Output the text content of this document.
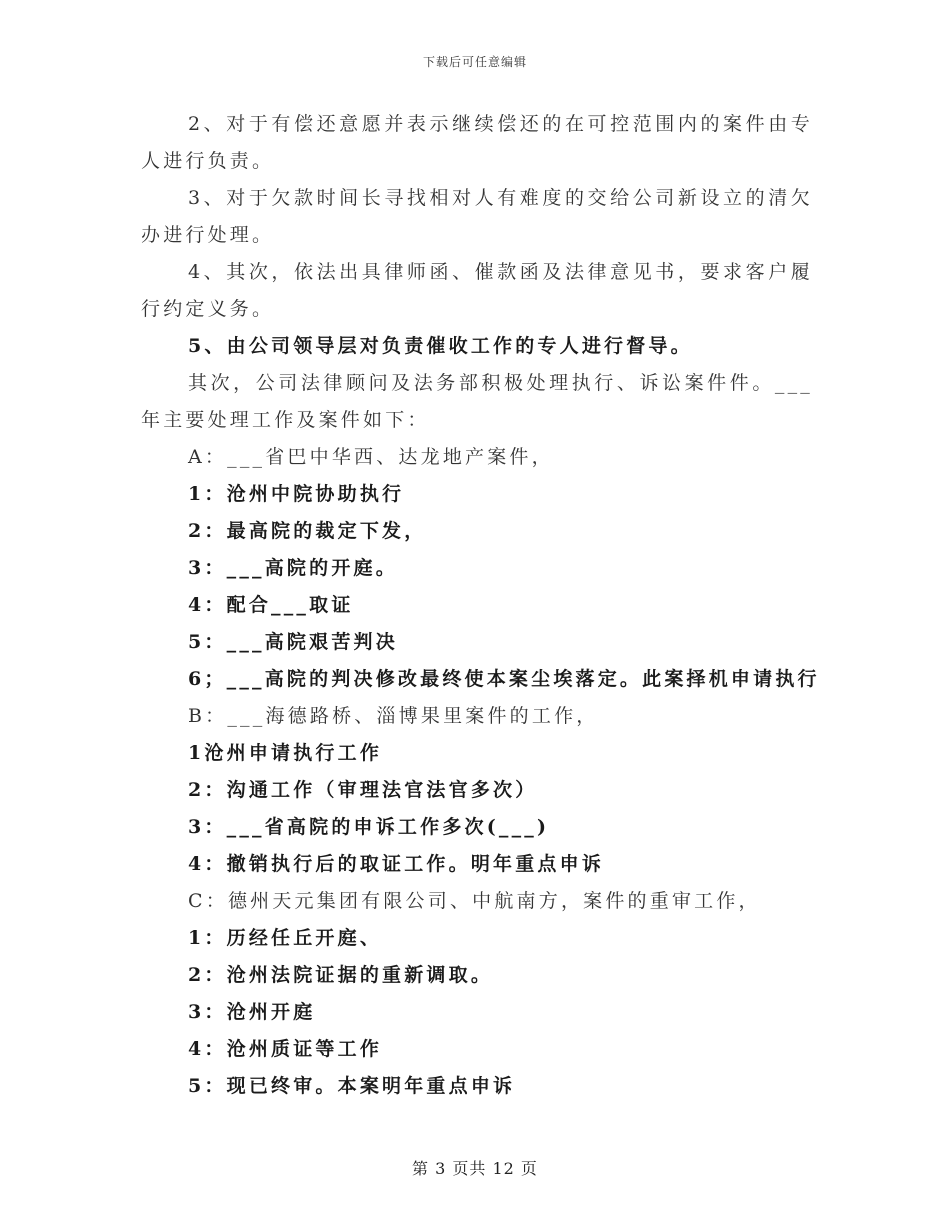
下载后可任意编辑
2、对于有偿还意愿并表示继续偿还的在可控范围内的案件由专人进行负责。
3、对于欠款时间长寻找相对人有难度的交给公司新设立的清欠办进行处理。
4、其次，依法出具律师函、催款函及法律意见书，要求客户履行约定义务。
5、由公司领导层对负责催收工作的专人进行督导。
其次，公司法律顾问及法务部积极处理执行、诉讼案件件。___年主要处理工作及案件如下：
A：___省巴中华西、达龙地产案件，
1：沧州中院协助执行
2：最高院的裁定下发，
3：___高院的开庭。
4：配合___取证
5：___高院艰苦判决
6；___高院的判决修改最终使本案尘埃落定。此案择机申请执行
B：___海德路桥、淄博果里案件的工作，
1沧州申请执行工作
2：沟通工作（审理法官法官多次）
3：___省高院的申诉工作多次(___)
4：撤销执行后的取证工作。明年重点申诉
C：德州天元集团有限公司、中航南方，案件的重审工作，
1：历经任丘开庭、
2：沧州法院证据的重新调取。
3：沧州开庭
4：沧州质证等工作
5：现已终审。本案明年重点申诉
第 3 页共 12 页
